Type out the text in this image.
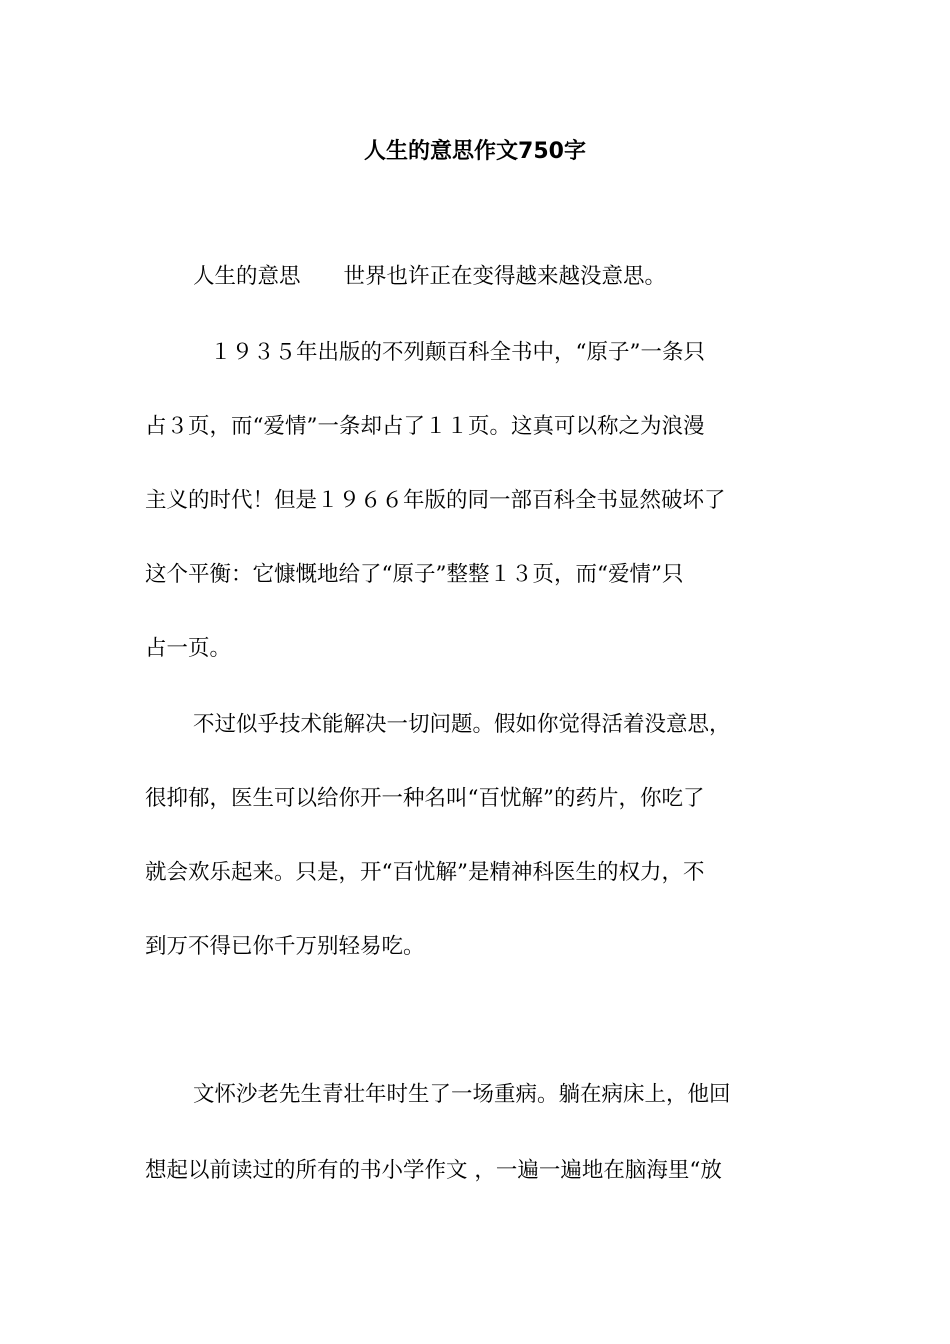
人生的意思作文750字
人生的意思　　世界也许正在变得越来越没意思。
１９３５年出版的不列颠百科全书中，“原子”一条只
占３页，而“爱情”一条却占了１１页。这真可以称之为浪漫
主义的时代！但是１９６６年版的同一部百科全书显然破坏了
这个平衡：它慷慨地给了“原子”整整１３页，而“爱情”只
占一页。
不过似乎技术能解决一切问题。假如你觉得活着没意思，
很抑郁，医生可以给你开一种名叫“百忧解”的药片，你吃了
就会欢乐起来。只是，开“百忧解”是精神科医生的权力，不
到万不得已你千万别轻易吃。
文怀沙老先生青壮年时生了一场重病。躺在病床上，他回
想起以前读过的所有的书小学作文 ，一遍一遍地在脑海里“放
